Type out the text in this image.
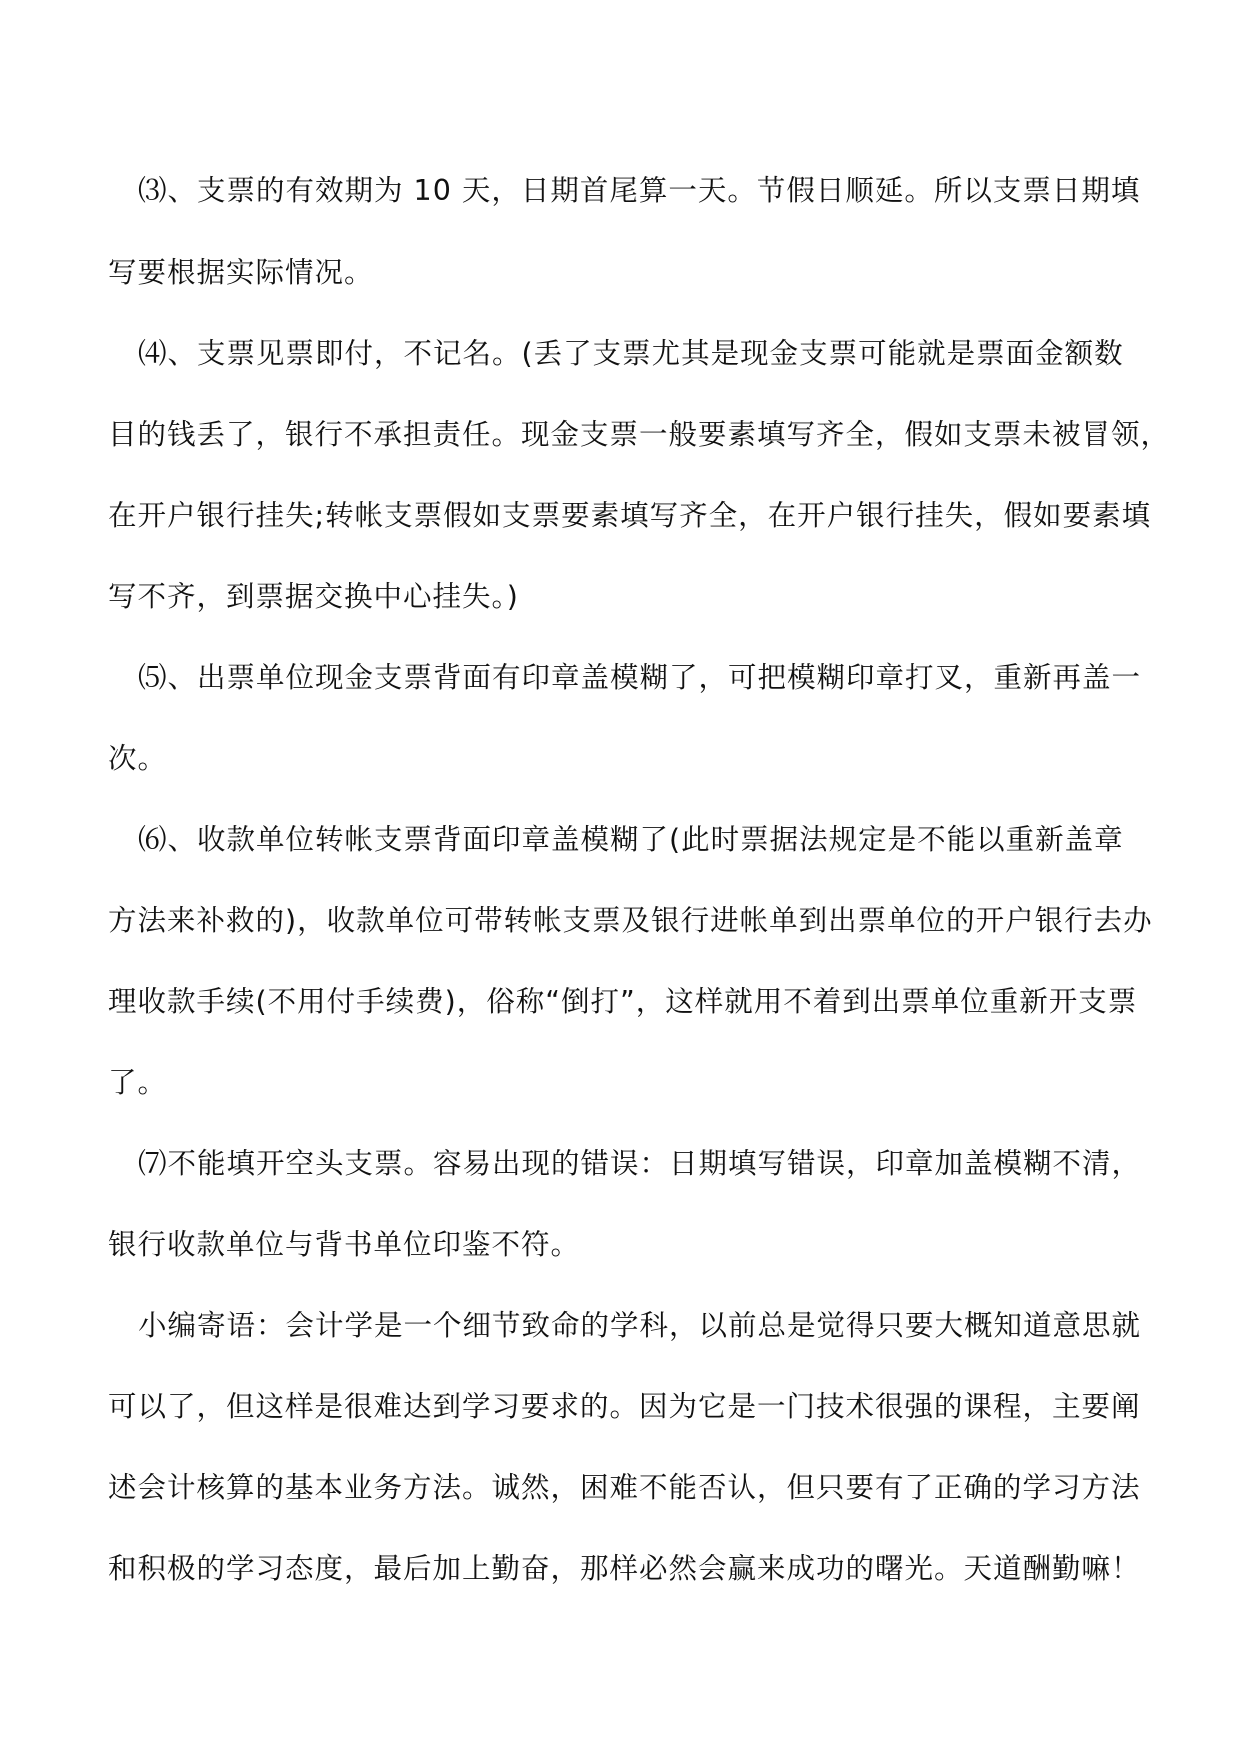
⑶、支票的有效期为 10 天，日期首尾算一天。节假日顺延。所以支票日期填
写要根据实际情况。
⑷、支票见票即付，不记名。(丢了支票尤其是现金支票可能就是票面金额数
目的钱丢了，银行不承担责任。现金支票一般要素填写齐全，假如支票未被冒领，
在开户银行挂失;转帐支票假如支票要素填写齐全，在开户银行挂失，假如要素填
写不齐，到票据交换中心挂失。)
⑸、出票单位现金支票背面有印章盖模糊了，可把模糊印章打叉，重新再盖一
次。
⑹、收款单位转帐支票背面印章盖模糊了(此时票据法规定是不能以重新盖章
方法来补救的)，收款单位可带转帐支票及银行进帐单到出票单位的开户银行去办
理收款手续(不用付手续费)，俗称“倒打”，这样就用不着到出票单位重新开支票
了。
⑺不能填开空头支票。容易出现的错误：日期填写错误，印章加盖模糊不清，
银行收款单位与背书单位印鉴不符。
小编寄语：会计学是一个细节致命的学科，以前总是觉得只要大概知道意思就
可以了，但这样是很难达到学习要求的。因为它是一门技术很强的课程，主要阐
述会计核算的基本业务方法。诚然，困难不能否认，但只要有了正确的学习方法
和积极的学习态度，最后加上勤奋，那样必然会赢来成功的曙光。天道酬勤嘛！
